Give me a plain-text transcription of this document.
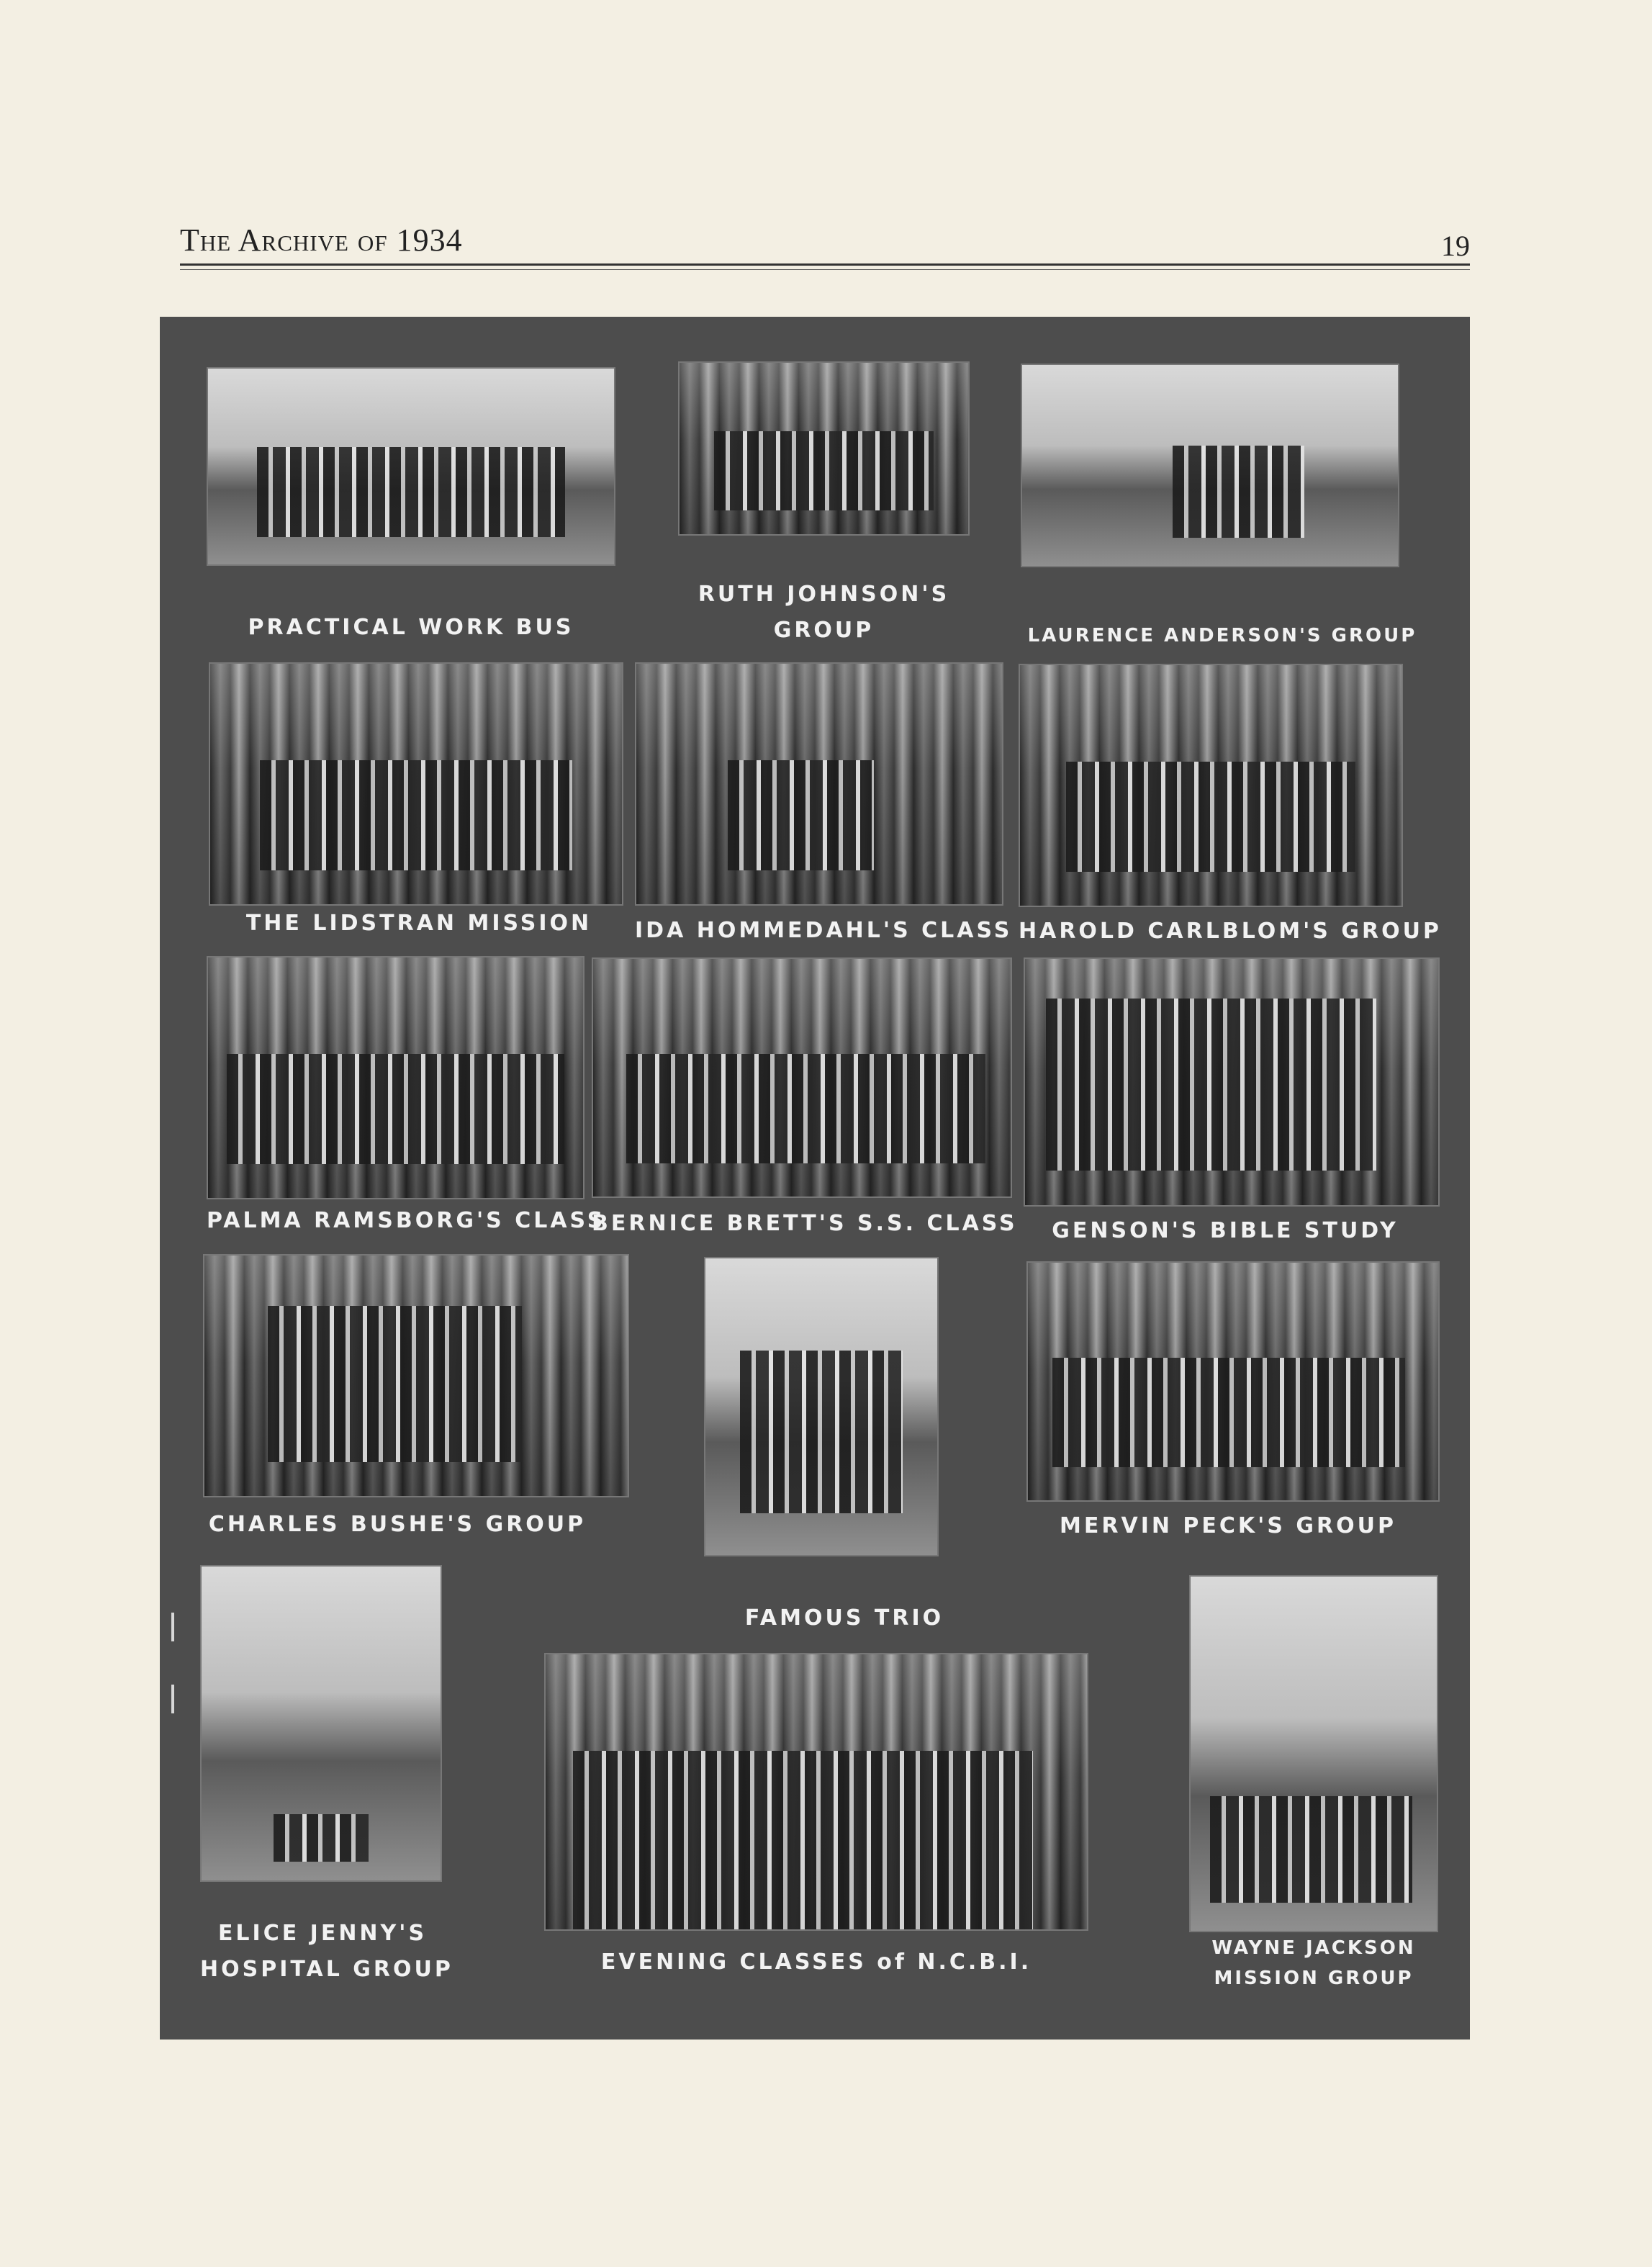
The Archive of 1934	19
PRACTICAL WORK BUS
RUTH JOHNSON'S
GROUP	LAURENCE ANDERSON'S GROUP
THE LIDSTRAN MISSION	IDA HOMMEDAHL'S CLASS HAROLD CARLBLOM'S GROUP
PALMA RAMSBORG'S CLASS
BERNICE BRETT'S S.S. CLASS	GENSON'S BIBLE STUDY
CHARLES BUSHE'S GROUP
FAMOUS TRIO
MERVIN PECK'S GROUP
ELICE JENNY'S
HOSPITAL GROUP	EVENING CLASSES of N.C.B.I.
WAYNE JACKSON
MISSION GROUP
